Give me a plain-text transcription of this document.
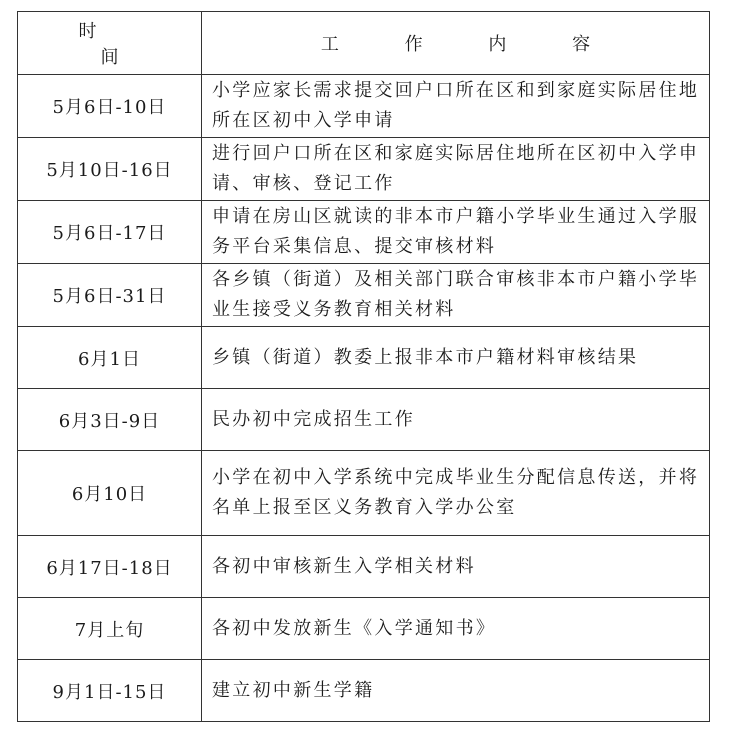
时　间	工 作 内 容
5月6日-10日	小学应家长需求提交回户口所在区和到家庭实际居住地所在区初中入学申请
5月10日-16日	进行回户口所在区和家庭实际居住地所在区初中入学申请、审核、登记工作
5月6日-17日	申请在房山区就读的非本市户籍小学毕业生通过入学服务平台采集信息、提交审核材料
5月6日-31日	各乡镇（街道）及相关部门联合审核非本市户籍小学毕业生接受义务教育相关材料
6月1日	乡镇（街道）教委上报非本市户籍材料审核结果
6月3日-9日	民办初中完成招生工作
6月10日	小学在初中入学系统中完成毕业生分配信息传送，并将名单上报至区义务教育入学办公室
6月17日-18日	各初中审核新生入学相关材料
7月上旬	各初中发放新生《入学通知书》
9月1日-15日	建立初中新生学籍
